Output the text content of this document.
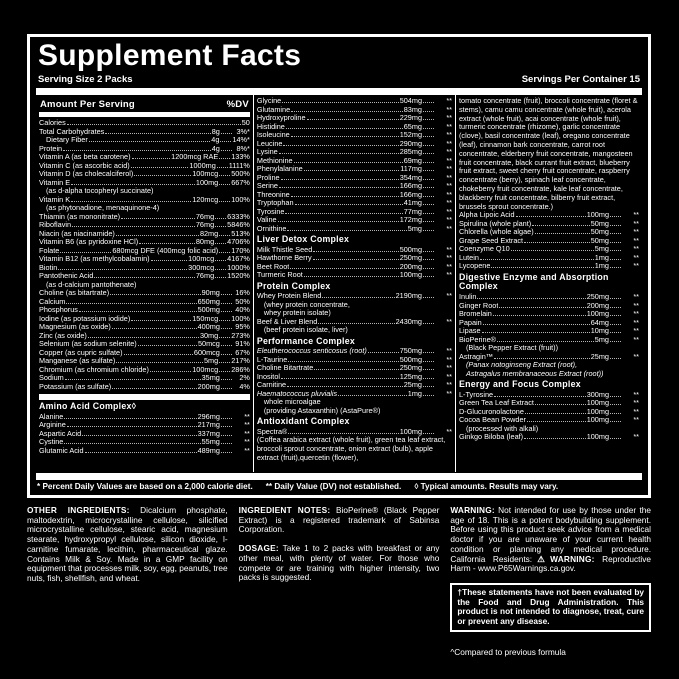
Supplement Facts
Serving Size 2 Packs	Servings Per Container 15
Amount Per Serving	%DV
Calories	50
Total Carbohydrates	8g	3%*
Dietary Fiber	4g 14%*
Protein	4g	8%*
Vitamin A (as beta carotene)	1200mcg RAE 133%
Vitamin C (as ascorbic acid)	1000mg 1111%
Vitamin D (as cholecalciferol)	100mcg 500%
Vitamin E	100mg 667%
(as d-alpha tocopheryl succinate)
Vitamin K	120mcg 100%
(as phytonadione, menaquinone-4)
Thiamin (as mononitrate)	76mg 6333%
Riboflavin	76mg 5846%
Niacin (as niacinamide)	82mg 513%
Vitamin B6 (as pyridoxine HCl)	80mg 4706%
Folate	680mcg DFE (400mcg folic acid) 170%
Vitamin B12 (as methylcobalamin)	100mcg 4167%
Biotin	300mcg 1000%
Pantothenic Acid	76mg 1520%
(as d-calcium pantothenate)
Choline (as bitartrate)	90mg	16%
Calcium	650mg	50%
Phosphorus	500mg	40%
Iodine (as potassium iodide)	150mcg 100%
Magnesium (as oxide)	400mg	95%
Zinc (as oxide)	30mg 273%
Selenium (as sodium selenite)	50mcg	91%
Copper (as cupric sulfate)	600mcg	67%
Manganese (as sulfate)	5mg 217%
Chromium (as chromium chloride)	100mcg 286%
Sodium	35mg	2%
Potassium (as sulfate)	200mg	4%
Amino Acid Complex◊
Alanine	296mg	**
Arginine	217mg	**
Aspartic Acid	337mg	**
Cystine	55mg	**
Glutamic Acid	489mg	**
Glycine	504mg	**
Glutamine	83mg	**
Hydroxyproline	229mg	**
Histidine	65mg	**
Isoleucine	152mg	**
Leucine	290mg	**
Lysine	285mg	**
Methionine	69mg	**
Phenylalanine	117mg	**
Proline	354mg	**
Serine	166mg	**
Threonine	166mg	**
Tryptophan	41mg	**
Tyrosine	77mg	**
Valine	172mg	**
Ornithine	5mg	**
Liver Detox Complex
Milk Thistle Seed	500mg	**
Hawthorne Berry	250mg	**
Beet Root	200mg	**
Turmeric Root	100mg	**
Protein Complex
Whey Protein Blend	2190mg	**
(whey protein concentrate,
whey protein isolate)
Beef & Liver Blend	2430mg	**
(beef protein isolate, liver)
Performance Complex
Eleutherococcus senticosus (root)	750mg	**
L-Taurine	500mg	**
Choline Bitartrate	250mg	**
Inositol	125mg	**
Carnitine	25mg	**
Haematococcus pluvialis	1mg	**
whole microalgae
(providing Astaxanthin) (AstaPure®)
Antioxidant Complex
Spectra®	100mg	**
(Coffea arabica extract (whole fruit), green tea leaf extract, broccoli sprout concentrate, onion extract (bulb), apple extract (fruit),quercetin (flower),
tomato concentrate (fruit), broccoli concentrate (floret & stems), camu camu concentrate (whole fruit), acerola extract (whole fruit), acai concentrate (whole fruit), turmeric concentrate (rhizome), garlic concentrate (clove), basil concentrate (leaf), oregano concentrate (leaf), cinnamon bark concentrate, carrot root concentrate, elderberry fruit concentrate, mangosteen fruit concentrate, black currant fruit extract, blueberry fruit extract, sweet cherry fruit concentrate, raspberry concentrate (berry), spinach leaf concentrate, chokeberry fruit concentrate, kale leaf concentrate, blackberry fruit concentrate, bilberry fruit extract, brussels sprout concentrate.)
Alpha Lipoic Acid	100mg	**
Spirulina (whole plant)	50mg	**
Chlorella (whole algae)	50mg	**
Grape Seed Extract	50mg	**
Coenzyme Q10	5mg	**
Lutein	1mg	**
Lycopene	1mg	**
Digestive Enzyme and Absorption Complex
Inulin	250mg	**
Ginger Root	200mg	**
Bromelain	100mg	**
Papain	64mg	**
Lipase	10mg	**
BioPerine®	5mg	**
(Black Pepper Extract (fruit))
Astragin™	25mg	**
(Panax notoginseng Extract (root),
Astragalus membranaceous Extract (root))
Energy and Focus Complex
L-Tyrosine	300mg	**
Green Tea Leaf Extract	100mg	**
D-Glucuronolactone	100mg	**
Cocoa Bean Powder	100mg	**
(processed with alkali)
Ginkgo Biloba (leaf)	100mg	**
* Percent Daily Values are based on a 2,000 calorie diet. ** Daily Value (DV) not established. ◊ Typical amounts. Results may vary.

OTHER INGREDIENTS: Dicalcium phosphate, maltodextrin, microcrystalline cellulose, silicified microcrystalline cellulose, stearic acid, magnesium stearate, hydroxypropyl cellulose, silicon dioxide, l-carnitine fumarate, lecithin, pharmaceutical glaze. Contains Milk & Soy. Made in a GMP facility on equipment that processes milk, soy, egg, peanuts, tree nuts, fish, shellfish, and wheat.

INGREDIENT NOTES: BioPerine® (Black Pepper Extract) is a registered trademark of Sabinsa Corporation.

DOSAGE: Take 1 to 2 packs with breakfast or any other meal, with plenty of water. For those who compete or are training with higher intensity, two packs is suggested.

WARNING: Not intended for use by those under the age of 18. This is a potent bodybuilding supplement. Before using this product seek advice from a medical doctor if you are unaware of your current health condition or planning any medical procedure. California Residents:⚠WARNING: Reproductive Harm - www.P65Warnings.ca.gov.

†These statements have not been evaluated by the Food and Drug Administration. This product is not intended to diagnose, treat, cure or prevent any disease.
^Compared to previous formula
